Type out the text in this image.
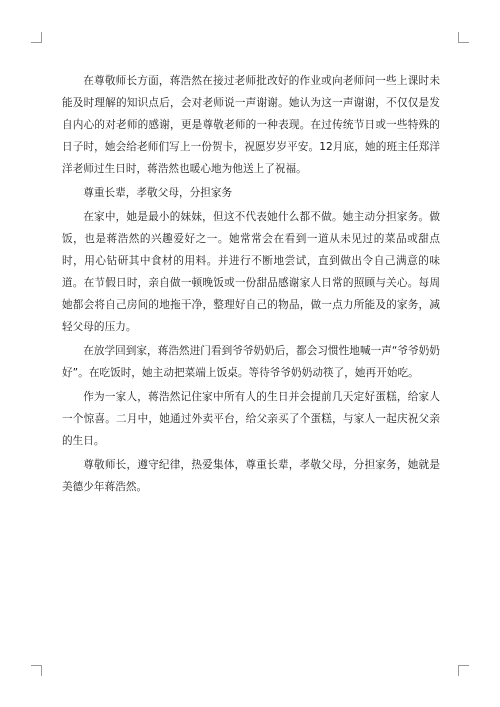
在尊敬师长方面，蒋浩然在接过老师批改好的作业或向老师问一些上课时未能及时理解的知识点后，会对老师说一声谢谢。她认为这一声谢谢，不仅仅是发自内心的对老师的感谢，更是尊敬老师的一种表现。在过传统节日或一些特殊的日子时，她会给老师们写上一份贺卡，祝愿岁岁平安。12月底，她的班主任郑洋洋老师过生日时，蒋浩然也暖心地为他送上了祝福。

尊重长辈，孝敬父母，分担家务

在家中，她是最小的妹妹，但这不代表她什么都不做。她主动分担家务。做饭，也是蒋浩然的兴趣爱好之一。她常常会在看到一道从未见过的菜品或甜点时，用心钻研其中食材的用料。并进行不断地尝试，直到做出令自己满意的味道。在节假日时，亲自做一顿晚饭或一份甜品感谢家人日常的照顾与关心。每周她都会将自己房间的地拖干净，整理好自己的物品，做一点力所能及的家务，减轻父母的压力。

在放学回到家，蒋浩然进门看到爷爷奶奶后，都会习惯性地喊一声“爷爷奶奶好”。在吃饭时，她主动把菜端上饭桌。等待爷爷奶奶动筷了，她再开始吃。

作为一家人，蒋浩然记住家中所有人的生日并会提前几天定好蛋糕，给家人一个惊喜。二月中，她通过外卖平台，给父亲买了个蛋糕，与家人一起庆祝父亲的生日。

尊敬师长，遵守纪律，热爱集体，尊重长辈，孝敬父母，分担家务，她就是美德少年蒋浩然。
